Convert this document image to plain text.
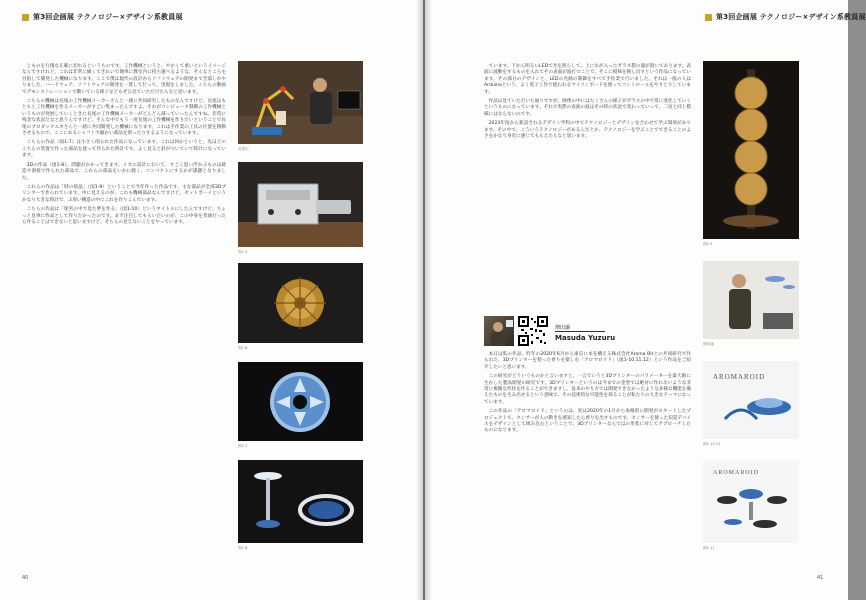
第3回企画展 テクノロジー×デザイン系教員展

じものを行儀な正確に切れるというものです。工作機械というと、やかくて重いというイメージなんですけれど、これは非常に細くてきれいで簡単に教室内に持ち運べるような、そんなところを目指して開発した機械になります。ここで僕は現代の設計からソフトウェアの開発まで全部しかやりました。ハードウェア、ソフトウェアの開発を一貫して行って、実現をしました。こちらの動画でデモンストレーションで動いている様子などもぜひ見ていただけたらなと思います。

こちらの機械は長尾の工作機械メーカーさんと一緒に共同研究したものなんですけど、長尾はもともと工作機械を作るメーカーがすごい集まったんですよ。それがコンピュータ制御の工作機械というものが発展していくときに長尾の工作機械メーカーがどんどん減っていったんですね。非常に残念な状況だなと思うんですけど、そんな中でもう一度長尾の工作機械を作りたいということで長尾のプロダックエネさんと一緒に共同開発した機械になります。これは手作業の工具の位置を移動させるもので、ここにあるシャフトで細かい部品を削ったりするようになっています。

こちらの作品（図1-7）は小さく削られた作品になっています。これは何かというと、先ほどのこちらの装置で作った部品を使って作られた時計です。よく見ると針がついていて時計になっています。

3Dの作品（図1-8）。問題がかかってきます。メカの設計において、すごく思い浮かぶものは鋳造や溶接で作られた部品で、これらの部品をいかに軽く、コンパクトにするかが課題となりました。

これらの作品は「時の結晶」（図1-9）ということで今年作った作品です。主な部品が全部3Dプリンターで作られています。中に見えるのが、これも機械部品なんですけど、セットボーイというかなり大きな時計で、ぶ厚い構造の中にこれを作りこんでいます。

こちらの作品は「迷宮の中で見た夢を作る」（図1-10）というタイトルにしたんですけど、ちょっと見事に作品として作りたかったのです。まず注目してもらいたいのが、この中身を普通だったら作ることはできないと思いますけど、そちらの見えないことをやっています。

長尾宏
図1-5
図1-6
図1-7
図1-8
40
第3回企画展 テクノロジー×デザイン系教員展

ています。下から明るいLEDで光を照らして、上に水が入ったガラス製の器が置いてあります。表面に波動をするものを入れてその表面が波打つことで、そこに模様を映し出すという作品になっています。その部分のデザインと、LEDの光源の制御をすべて手作業で行いました。それは一般の人はArduinoという、よく電子工作で使われるマイコンボードを使ってコントロールをやりとりしています。

作品は見ていただいた通りですが、映像の中にはたくさんの様子がガラスの中で常に変化していくというものになっています。それで実際の表面の波はその時の状況で変わっていって、二度と同じ模様にはならないのです。

2023年度から新設されるデザイン学科の中でテクノロジーとデザインを合わせて学ぶ環境があります。その中で、こういうテクノロジーがあるんだとか、テクノロジーを学ぶことでできることのよさをかなり身近に感じてもらえたらなと思います。

増田譲
Masuda Yuzuru

本日は私の作品、昨年の2020年6月から東京に本を構える株式会社Aroma Bitとの共同研究で作られた、3Dプリンターを使った香りを楽しむ「アロマロイド」（図1-10,11,12）という作品をご紹介したいと思います。

この研究がどういうものかと言いますと、一言でいうと3Dプリンターのパラメーターを最大限に生かした製品開発の研究です。3Dプリンターというのは今までの金型では絶対に作れないような非常に複雑な形状を作ることができますし、従来のやり方では開発できなかったような多様な機能を備えたものを生み出せるという意味で、その技術的な可能性を探ることが私たちの大きなテーマになっています。

この作品の「アロマロイド」というのは、実は2020年の1月から本格的に開発がスタートしたプロジェクトで、センサーが人の動きを感知したら香りを出すものです。センサーを使った知覚デバイスをデザインとして組み込むということで、3Dプリンターならではの形状に対してアプローチしたものになります。

図1-9
増田譲
AROMAROID
図1-10,11
AROMAROID
図1-11
41
